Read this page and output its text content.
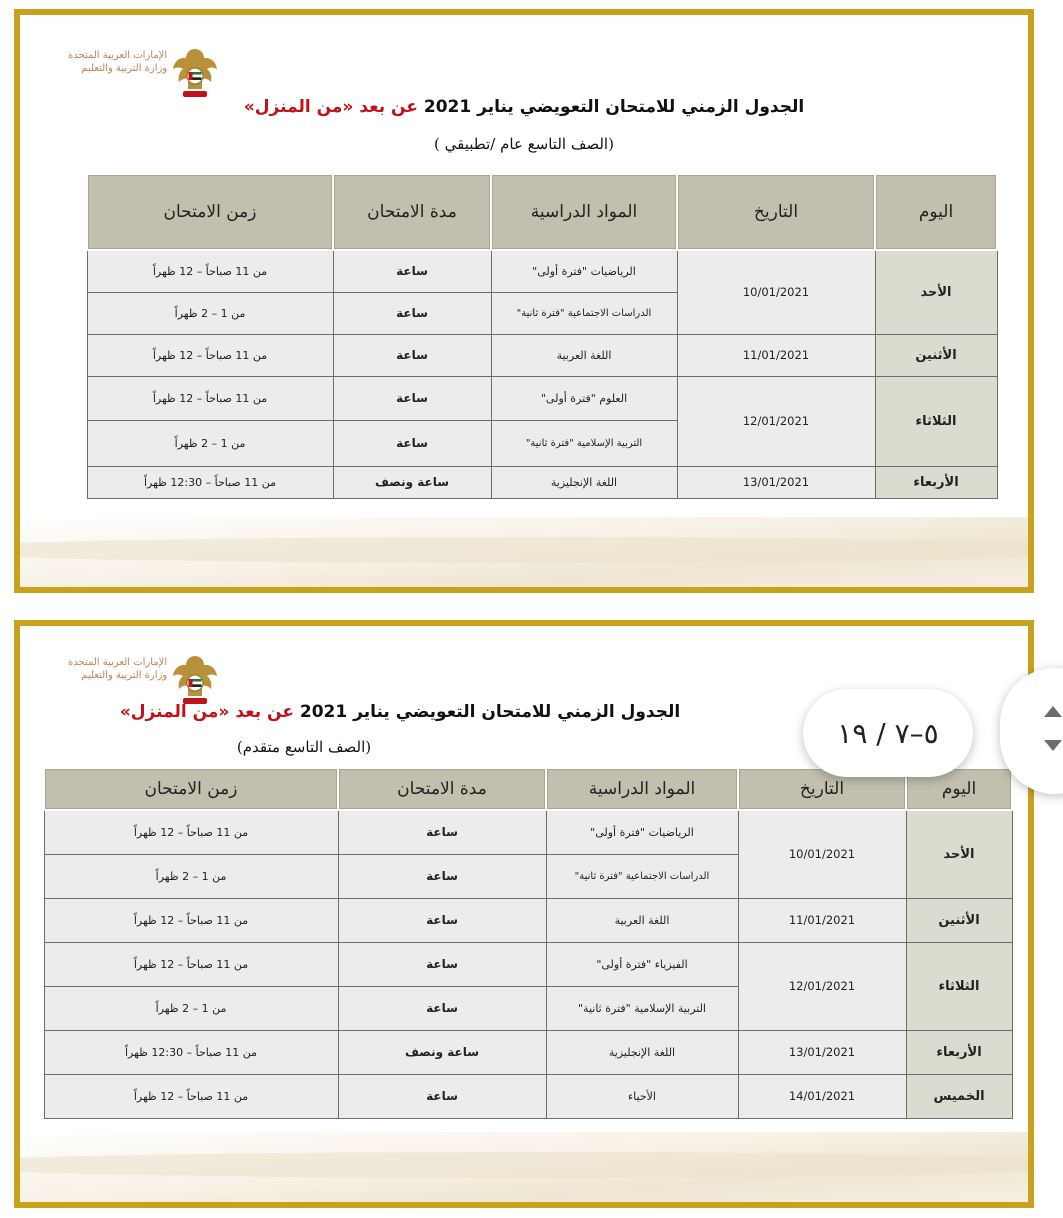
الإمارات العربية المتحدة
وزارة التربية والتعليم
الجدول الزمني للامتحان التعويضي يناير 2021 عن بعد «من المنزل»
(الصف التاسع عام /تطبيقي )
اليوم	التاريخ	المواد الدراسية	مدة الامتحان	زمن الامتحان
الأحد	10/01/2021	الرياضيات "فترة أولى"	ساعة	من 11 صباحاً – 12 ظهراً
		الدراسات الاجتماعية "فترة ثانية"	ساعة	من 1 – 2 ظهراً
الأثنين	11/01/2021	اللغة العربية	ساعة	من 11 صباحاً – 12 ظهراً
الثلاثاء	12/01/2021	العلوم "فترة أولى"	ساعة	من 11 صباحاً – 12 ظهراً
		التربية الإسلامية "فترة ثانية"	ساعة	من 1 – 2 ظهراً
الأربعاء	13/01/2021	اللغة الإنجليزية	ساعة ونصف	من 11 صباحاً – 12:30 ظهراً
الإمارات العربية المتحدة
وزارة التربية والتعليم
الجدول الزمني للامتحان التعويضي يناير 2021 عن بعد «من المنزل»
(الصف التاسع متقدم)
اليوم	التاريخ	المواد الدراسية	مدة الامتحان	زمن الامتحان
الأحد	10/01/2021	الرياضيات "فترة أولى"	ساعة	من 11 صباحاً – 12 ظهراً
		الدراسات الاجتماعية "فترة ثانية"	ساعة	من 1 – 2 ظهراً
الأثنين	11/01/2021	اللغة العربية	ساعة	من 11 صباحاً – 12 ظهراً
الثلاثاء	12/01/2021	الفيزياء "فترة أولى"	ساعة	من 11 صباحاً – 12 ظهراً
		التربية الإسلامية "فترة ثانية"	ساعة	من 1 – 2 ظهراً
الأربعاء	13/01/2021	اللغة الإنجليزية	ساعة ونصف	من 11 صباحاً – 12:30 ظهراً
الخميس	14/01/2021	الأحياء	ساعة	من 11 صباحاً – 12 ظهراً
٥–٧ / ١٩
